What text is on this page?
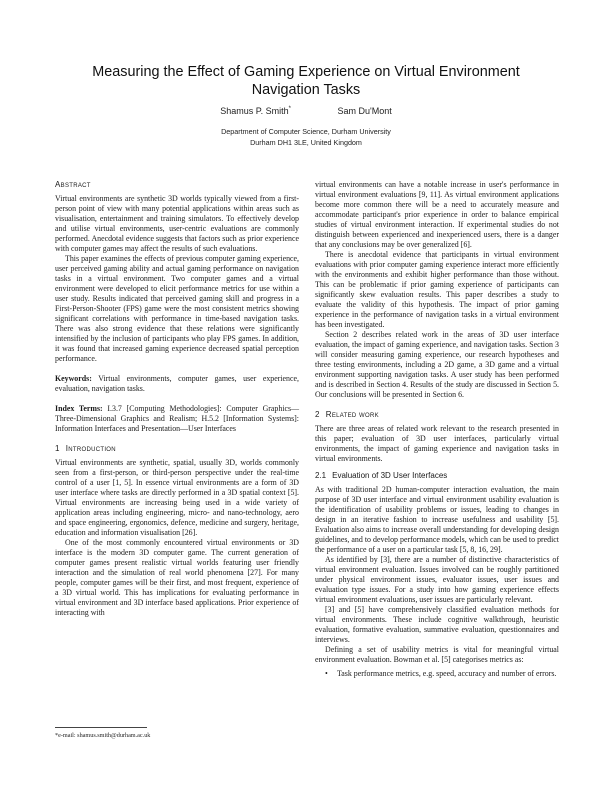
Measuring the Effect of Gaming Experience on Virtual Environment Navigation Tasks
Shamus P. Smith*	Sam Du'Mont
Department of Computer Science, Durham University
Durham DH1 3LE, United Kingdom
Abstract

Virtual environments are synthetic 3D worlds typically viewed from a first-person point of view with many potential applications within areas such as visualisation, entertainment and training simulators. To effectively develop and utilise virtual environments, user-centric evaluations are commonly performed. Anecdotal evidence suggests that factors such as prior experience with computer games may affect the results of such evaluations.

This paper examines the effects of previous computer gaming experience, user perceived gaming ability and actual gaming performance on navigation tasks in a virtual environment. Two computer games and a virtual environment were developed to elicit performance metrics for use within a user study. Results indicated that perceived gaming skill and progress in a First-Person-Shooter (FPS) game were the most consistent metrics showing significant correlations with performance in time-based navigation tasks. There was also strong evidence that these relations were significantly intensified by the inclusion of participants who play FPS games. In addition, it was found that increased gaming experience decreased spatial perception performance.

Keywords: Virtual environments, computer games, user experience, evaluation, navigation tasks.

Index Terms: I.3.7 [Computing Methodologies]: Computer Graphics—Three-Dimensional Graphics and Realism; H.5.2 [Information Systems]: Information Interfaces and Presentation—User Interfaces

1 Introduction

Virtual environments are synthetic, spatial, usually 3D, worlds commonly seen from a first-person, or third-person perspective under the real-time control of a user [1, 5]. In essence virtual environments are a form of 3D user interface where tasks are directly performed in a 3D spatial context [5]. Virtual environments are increasing being used in a wide variety of application areas including engineering, micro- and nano-technology, aero and space engineering, ergonomics, defence, medicine and surgery, heritage, education and information visualisation [26].

One of the most commonly encountered virtual environments or 3D interface is the modern 3D computer game. The current generation of computer games present realistic virtual worlds featuring user friendly interaction and the simulation of real world phenomena [27]. For many people, computer games will be their first, and most frequent, experience of a 3D virtual world. This has implications for evaluating performance in virtual environment and 3D interface based applications. Prior experience of interacting with

*e-mail: shamus.smith@durham.ac.uk

virtual environments can have a notable increase in user's performance in virtual environment evaluations [9, 11]. As virtual environment applications become more common there will be a need to accurately measure and accommodate participant's prior experience in order to balance empirical studies of virtual environment interaction. If experimental studies do not distinguish between experienced and inexperienced users, there is a danger that any conclusions may be over generalized [6].

There is anecdotal evidence that participants in virtual environment evaluations with prior computer gaming experience interact more efficiently with the environments and exhibit higher performance than those without. This can be problematic if prior gaming experience of participants can significantly skew evaluation results. This paper describes a study to evaluate the validity of this hypothesis. The impact of prior gaming experience in the performance of navigation tasks in a virtual environment has been investigated.

Section 2 describes related work in the areas of 3D user interface evaluation, the impact of gaming experience, and navigation tasks. Section 3 will consider measuring gaming experience, our research hypotheses and three testing environments, including a 2D game, a 3D game and a virtual environment supporting navigation tasks. A user study has been performed and is described in Section 4. Results of the study are discussed in Section 5. Our conclusions will be presented in Section 6.

2 Related work

There are three areas of related work relevant to the research presented in this paper; evaluation of 3D user interfaces, particularly virtual environments, the impact of gaming experience and navigation tasks in virtual environments.

2.1 Evaluation of 3D User Interfaces

As with traditional 2D human-computer interaction evaluation, the main purpose of 3D user interface and virtual environment usability evaluation is the identification of usability problems or issues, leading to changes in design in an iterative fashion to increase usefulness and usability [5]. Evaluation also aims to increase overall understanding for developing design guidelines, and to develop performance models, which can be used to predict the performance of a user on a particular task [5, 8, 16, 29].

As identified by [3], there are a number of distinctive characteristics of virtual environment evaluation. Issues involved can be roughly partitioned under physical environment issues, evaluator issues, user issues and evaluation type issues. For a study into how gaming experience effects virtual environment evaluations, user issues are particularly relevant.

[3] and [5] have comprehensively classified evaluation methods for virtual environments. These include cognitive walkthrough, heuristic evaluation, formative evaluation, summative evaluation, questionnaires and interviews.

Defining a set of usability metrics is vital for meaningful virtual environment evaluation. Bowman et al. [5] categorises metrics as:

•	Task performance metrics, e.g. speed, accuracy and number of errors.
